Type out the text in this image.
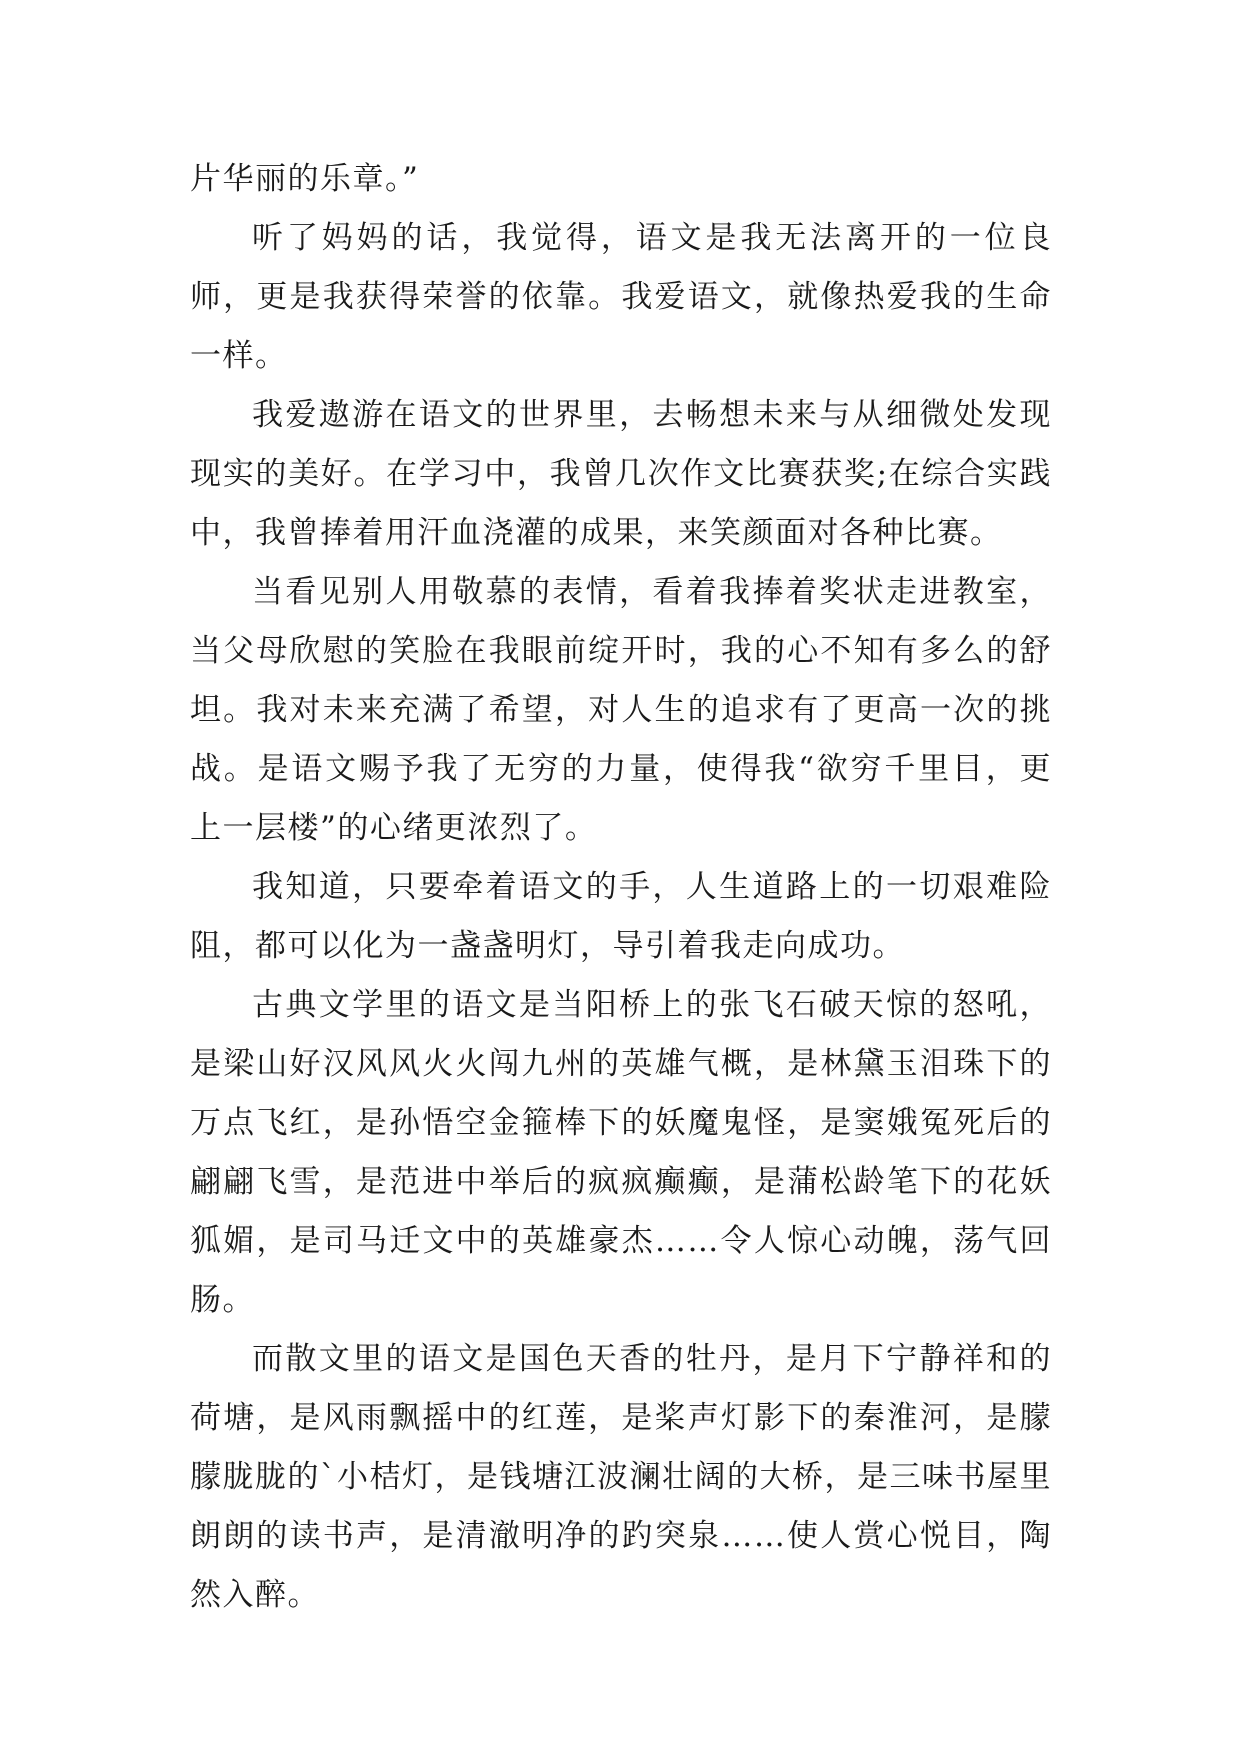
片华丽的乐章。”

听了妈妈的话，我觉得，语文是我无法离开的一位良师，更是我获得荣誉的依靠。我爱语文，就像热爱我的生命一样。

我爱遨游在语文的世界里，去畅想未来与从细微处发现现实的美好。在学习中，我曾几次作文比赛获奖;在综合实践中，我曾捧着用汗血浇灌的成果，来笑颜面对各种比赛。

当看见别人用敬慕的表情，看着我捧着奖状走进教室，当父母欣慰的笑脸在我眼前绽开时，我的心不知有多么的舒坦。我对未来充满了希望，对人生的追求有了更高一次的挑战。是语文赐予我了无穷的力量，使得我“欲穷千里目，更上一层楼”的心绪更浓烈了。

我知道，只要牵着语文的手，人生道路上的一切艰难险阻，都可以化为一盏盏明灯，导引着我走向成功。

古典文学里的语文是当阳桥上的张飞石破天惊的怒吼，是梁山好汉风风火火闯九州的英雄气概，是林黛玉泪珠下的万点飞红，是孙悟空金箍棒下的妖魔鬼怪，是窦娥冤死后的翩翩飞雪，是范进中举后的疯疯癫癫，是蒲松龄笔下的花妖狐媚，是司马迁文中的英雄豪杰……令人惊心动魄，荡气回肠。

而散文里的语文是国色天香的牡丹，是月下宁静祥和的荷塘，是风雨飘摇中的红莲，是桨声灯影下的秦淮河，是朦朦胧胧的`小桔灯，是钱塘江波澜壮阔的大桥，是三味书屋里朗朗的读书声，是清澈明净的趵突泉……使人赏心悦目，陶然入醉。
